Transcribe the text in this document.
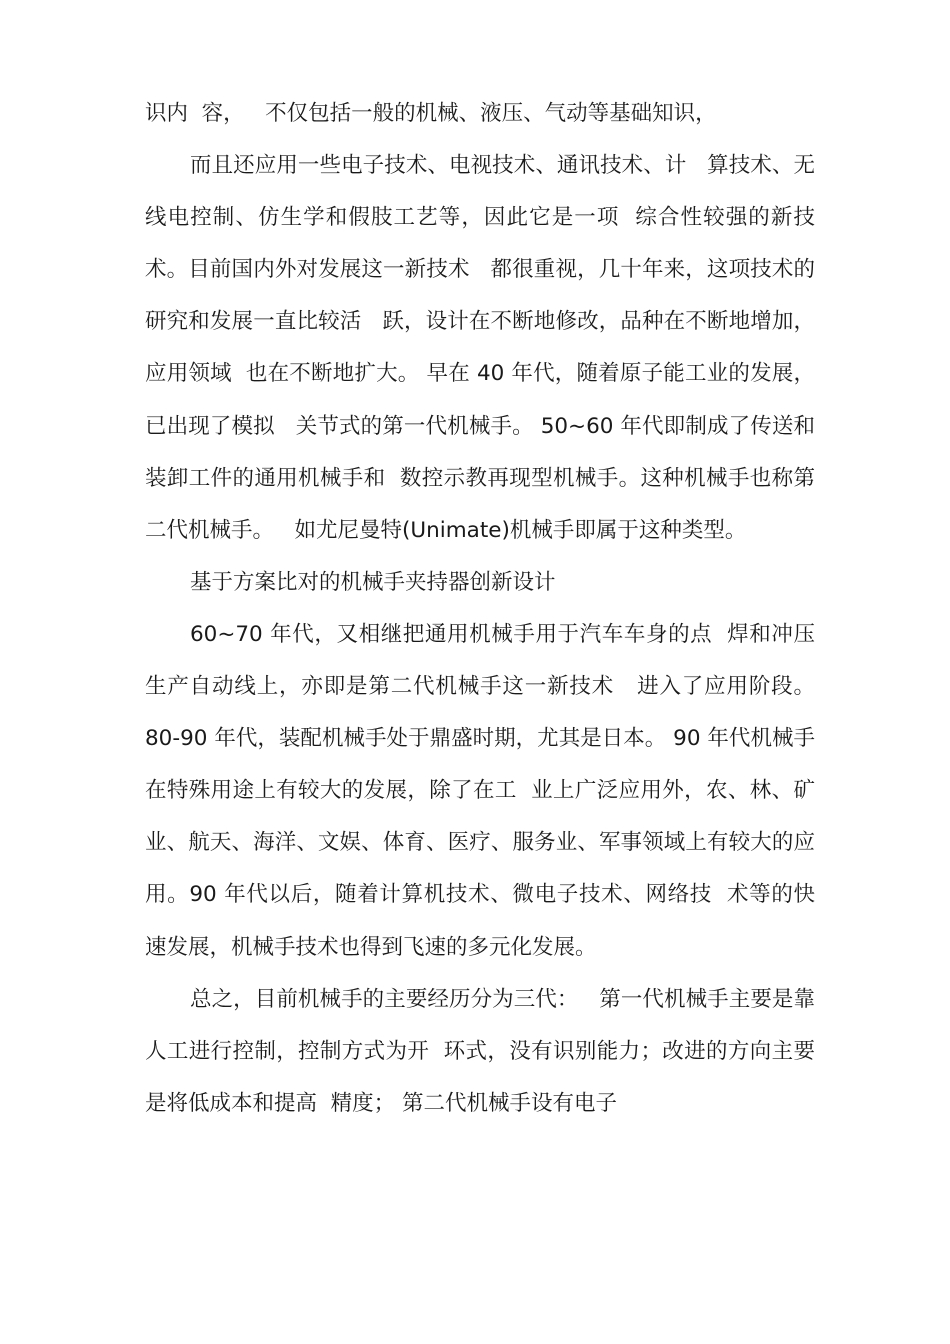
识内  容，   不仅包括一般的机械、液压、气动等基础知识，

而且还应用一些电子技术、电视技术、通讯技术、计   算技术、无线电控制、仿生学和假肢工艺等，因此它是一项  综合性较强的新技术。目前国内外对发展这一新技术   都很重视，几十年来，这项技术的研究和发展一直比较活   跃，设计在不断地修改，品种在不断地增加，应用领域  也在不断地扩大。 早在 40 年代，随着原子能工业的发展，已出现了模拟   关节式的第一代机械手。 50~60 年代即制成了传送和装卸工件的通用机械手和  数控示教再现型机械手。这种机械手也称第二代机械手。   如尤尼曼特(Unimate)机械手即属于这种类型。

基于方案比对的机械手夹持器创新设计

60~70 年代，又相继把通用机械手用于汽车车身的点  焊和冲压生产自动线上，亦即是第二代机械手这一新技术   进入了应用阶段。 80-90 年代，装配机械手处于鼎盛时期，尤其是日本。 90 年代机械手在特殊用途上有较大的发展，除了在工  业上广泛应用外，农、林、矿业、航天、海洋、文娱、体育、医疗、服务业、军事领域上有较大的应用。90 年代以后，随着计算机技术、微电子技术、网络技  术等的快速发展，机械手技术也得到飞速的多元化发展。

总之，目前机械手的主要经历分为三代：   第一代机械手主要是靠人工进行控制，控制方式为开  环式，没有识别能力；改进的方向主要是将低成本和提高  精度； 第二代机械手设有电子
